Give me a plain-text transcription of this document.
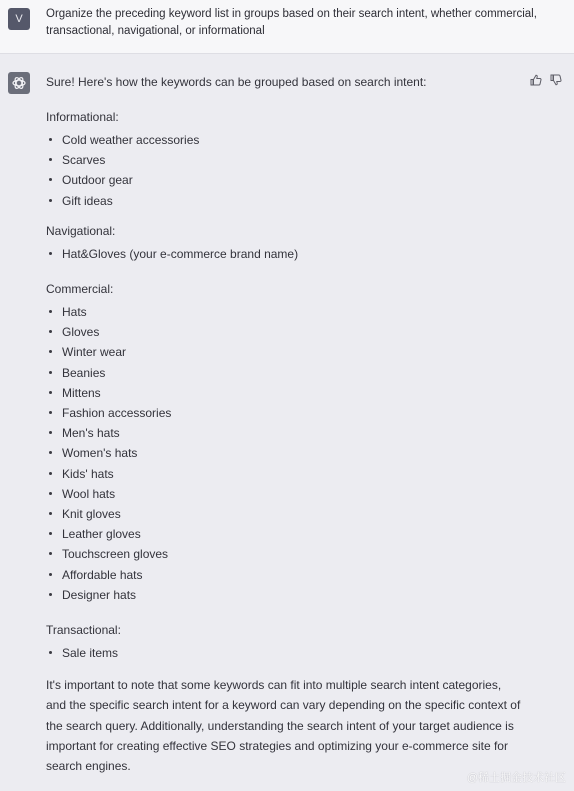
V	Organize the preceding keyword list in groups based on their search intent, whether commercial, transactional, navigational, or informational

Sure! Here's how the keywords can be grouped based on search intent:

Informational:

Cold weather accessories
Scarves
Outdoor gear
Gift ideas

Navigational:

Hat&Gloves (your e-commerce brand name)

Commercial:

Hats
Gloves
Winter wear
Beanies
Mittens
Fashion accessories
Men's hats
Women's hats
Kids' hats
Wool hats
Knit gloves
Leather gloves
Touchscreen gloves
Affordable hats
Designer hats

Transactional:

Sale items

It's important to note that some keywords can fit into multiple search intent categories, and the specific search intent for a keyword can vary depending on the specific context of the search query. Additionally, understanding the search intent of your target audience is important for creating effective SEO strategies and optimizing your e-commerce site for search engines.

@稀土掘金技术社区
